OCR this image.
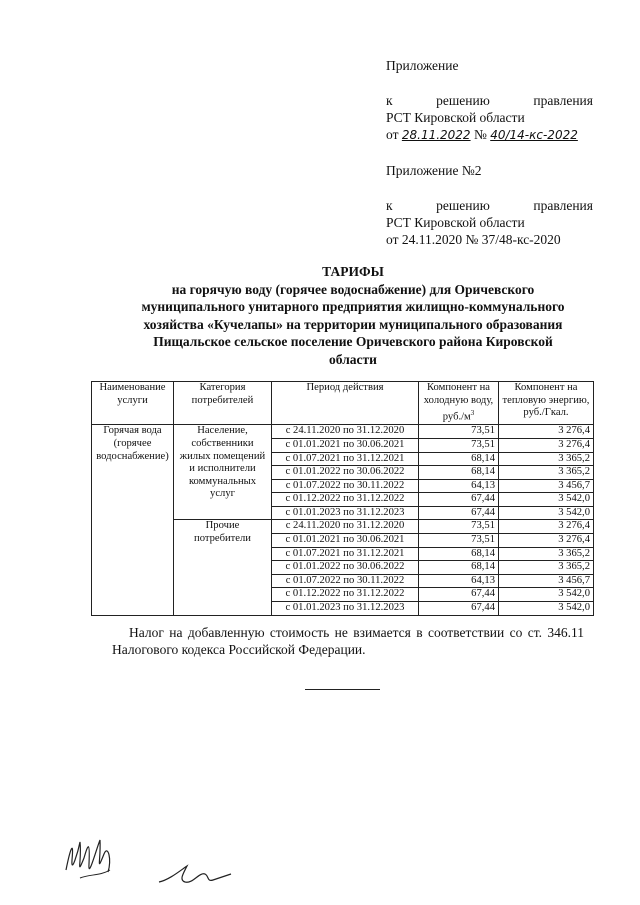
Приложение
к	решению	правления
РСТ Кировской области
от 28.11.2022 № 40/14-кс-2022
Приложение №2
к	решению	правления
РСТ Кировской области
от 24.11.2020 № 37/48-кс-2020
ТАРИФЫ
на горячую воду (горячее водоснабжение) для Оричевского
муниципального унитарного предприятия жилищно-коммунального
хозяйства «Кучелапы» на территории муниципального образования
Пищальское сельское поселение Оричевского района Кировской
области
Наименование услуги	Категория потребителей	Период действия	Компонент на холодную воду, $руб./м^3$	Компонент на тепловую энергию, руб./Гкал.
Горячая вода (горячее водоснабжение)	Население, собственники жилых помещений и исполнители коммунальных услуг	с 24.11.2020 по 31.12.2020	73,51	3 276,4
		с 01.01.2021 по 30.06.2021	73,51	3 276,4
		с 01.07.2021 по 31.12.2021	68,14	3 365,2
		с 01.01.2022 по 30.06.2022	68,14	3 365,2
		с 01.07.2022 по 30.11.2022	64,13	3 456,7
		с 01.12.2022 по 31.12.2022	67,44	3 542,0
		с 01.01.2023 по 31.12.2023	67,44	3 542,0
	Прочие потребители	с 24.11.2020 по 31.12.2020	73,51	3 276,4
		с 01.01.2021 по 30.06.2021	73,51	3 276,4
		с 01.07.2021 по 31.12.2021	68,14	3 365,2
		с 01.01.2022 по 30.06.2022	68,14	3 365,2
		с 01.07.2022 по 30.11.2022	64,13	3 456,7
		с 01.12.2022 по 31.12.2022	67,44	3 542,0
		с 01.01.2023 по 31.12.2023	67,44	3 542,0

Налог на добавленную стоимость не взимается в соответствии со ст. 346.11

Налогового кодекса Российской Федерации.
